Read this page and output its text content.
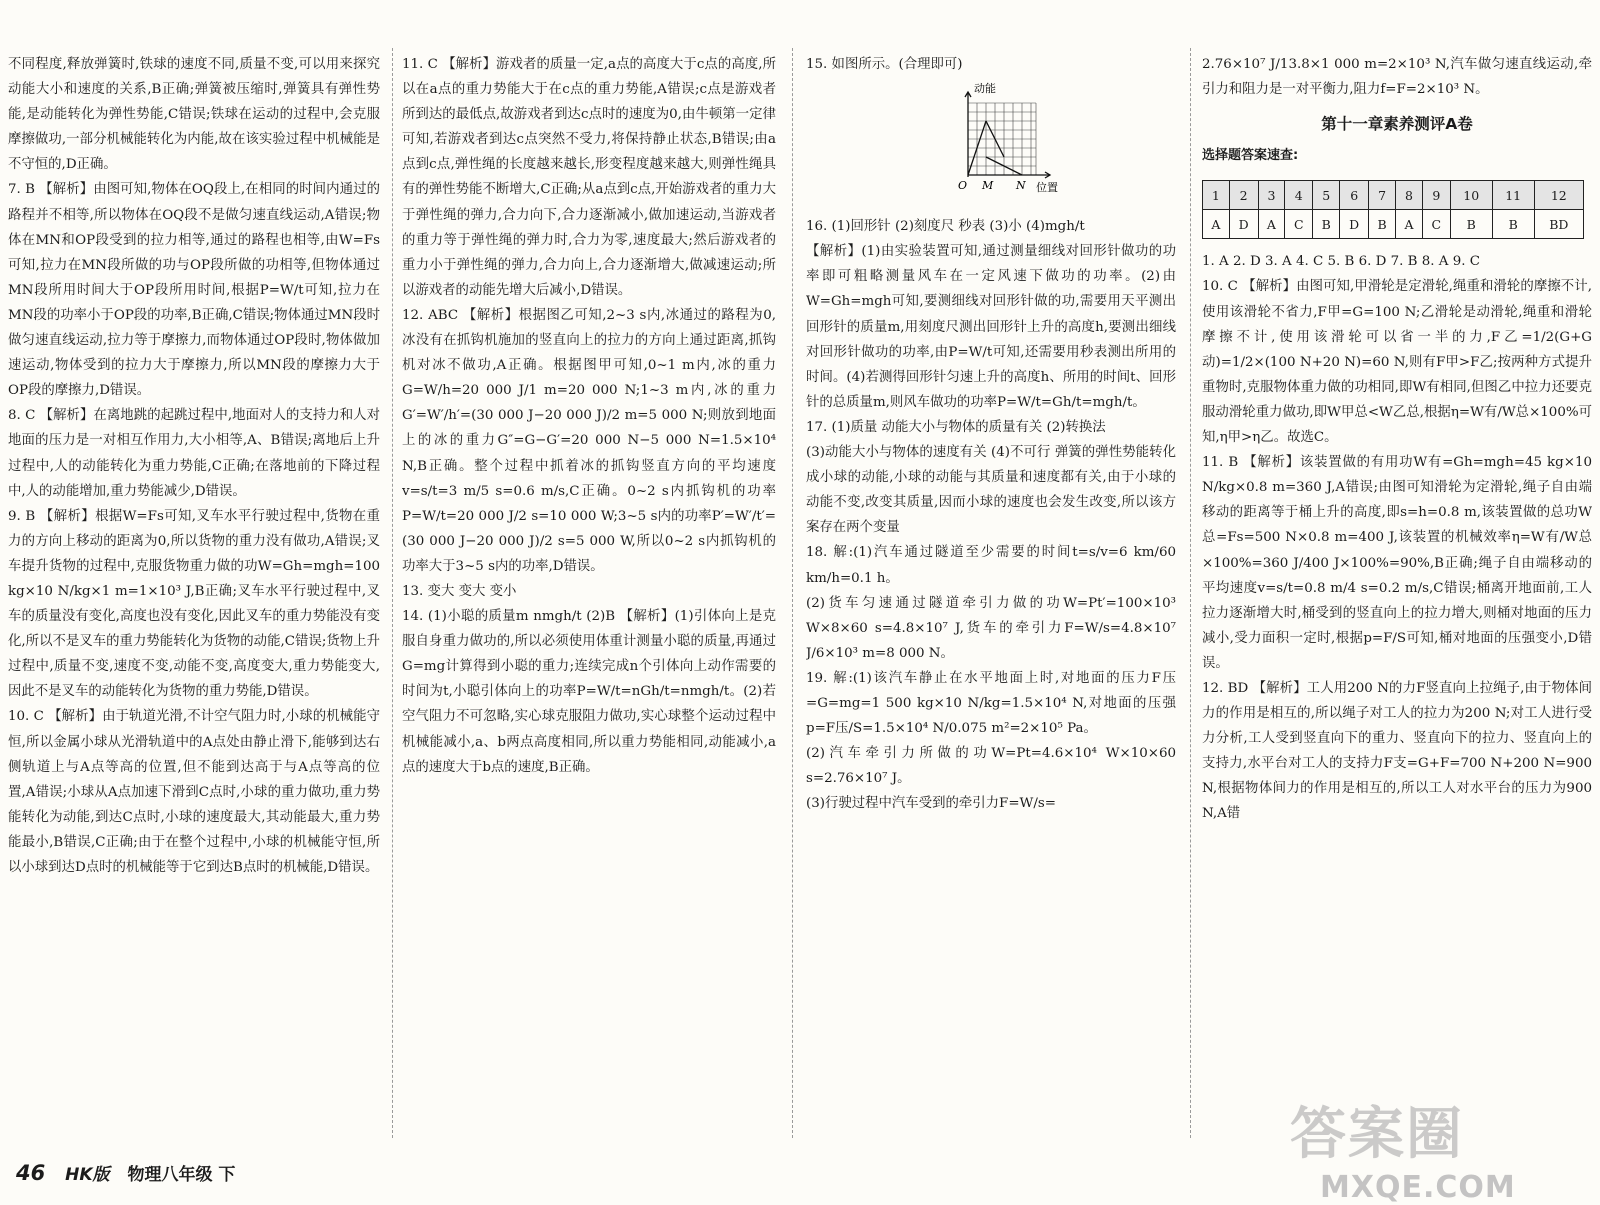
不同程度,释放弹簧时,铁球的速度不同,质量不变,可以用来探究动能大小和速度的关系,B正确;弹簧被压缩时,弹簧具有弹性势能,是动能转化为弹性势能,C错误;铁球在运动的过程中,会克服摩擦做功,一部分机械能转化为内能,故在该实验过程中机械能是不守恒的,D正确。

7. B 【解析】由图可知,物体在OQ段上,在相同的时间内通过的路程并不相等,所以物体在OQ段不是做匀速直线运动,A错误;物体在MN和OP段受到的拉力相等,通过的路程也相等,由W=Fs可知,拉力在MN段所做的功与OP段所做的功相等,但物体通过MN段所用时间大于OP段所用时间,根据P=W/t可知,拉力在MN段的功率小于OP段的功率,B正确,C错误;物体通过MN段时做匀速直线运动,拉力等于摩擦力,而物体通过OP段时,物体做加速运动,物体受到的拉力大于摩擦力,所以MN段的摩擦力大于OP段的摩擦力,D错误。

8. C 【解析】在离地跳的起跳过程中,地面对人的支持力和人对地面的压力是一对相互作用力,大小相等,A、B错误;离地后上升过程中,人的动能转化为重力势能,C正确;在落地前的下降过程中,人的动能增加,重力势能减少,D错误。

9. B 【解析】根据W=Fs可知,叉车水平行驶过程中,货物在重力的方向上移动的距离为0,所以货物的重力没有做功,A错误;叉车提升货物的过程中,克服货物重力做的功W=Gh=mgh=100 kg×10 N/kg×1 m=1×10³ J,B正确;叉车水平行驶过程中,叉车的质量没有变化,高度也没有变化,因此叉车的重力势能没有变化,所以不是叉车的重力势能转化为货物的动能,C错误;货物上升过程中,质量不变,速度不变,动能不变,高度变大,重力势能变大,因此不是叉车的动能转化为货物的重力势能,D错误。

10. C 【解析】由于轨道光滑,不计空气阻力时,小球的机械能守恒,所以金属小球从光滑轨道中的A点处由静止滑下,能够到达右侧轨道上与A点等高的位置,但不能到达高于与A点等高的位置,A错误;小球从A点加速下滑到C点时,小球的重力做功,重力势能转化为动能,到达C点时,小球的速度最大,其动能最大,重力势能最小,B错误,C正确;由于在整个过程中,小球的机械能守恒,所以小球到达D点时的机械能等于它到达B点时的机械能,D错误。

11. C 【解析】游戏者的质量一定,a点的高度大于c点的高度,所以在a点的重力势能大于在c点的重力势能,A错误;c点是游戏者所到达的最低点,故游戏者到达c点时的速度为0,由牛顿第一定律可知,若游戏者到达c点突然不受力,将保持静止状态,B错误;由a点到c点,弹性绳的长度越来越长,形变程度越来越大,则弹性绳具有的弹性势能不断增大,C正确;从a点到c点,开始游戏者的重力大于弹性绳的弹力,合力向下,合力逐渐减小,做加速运动,当游戏者的重力等于弹性绳的弹力时,合力为零,速度最大;然后游戏者的重力小于弹性绳的弹力,合力向上,合力逐渐增大,做减速运动;所以游戏者的动能先增大后减小,D错误。

12. ABC 【解析】根据图乙可知,2~3 s内,冰通过的路程为0,冰没有在抓钩机施加的竖直向上的拉力的方向上通过距离,抓钩机对冰不做功,A正确。根据图甲可知,0~1 m内,冰的重力G=W/h=20 000 J/1 m=20 000 N;1~3 m内,冰的重力G′=W′/h′=(30 000 J−20 000 J)/2 m=5 000 N;则放到地面上的冰的重力G″=G−G′=20 000 N−5 000 N=1.5×10⁴ N,B正确。整个过程中抓着冰的抓钩竖直方向的平均速度v=s/t=3 m/5 s=0.6 m/s,C正确。0~2 s内抓钩机的功率P=W/t=20 000 J/2 s=10 000 W;3~5 s内的功率P′=W′/t′=(30 000 J−20 000 J)/2 s=5 000 W,所以0~2 s内抓钩机的功率大于3~5 s内的功率,D错误。

13. 变大 变大 变小

14. (1)小聪的质量m nmgh/t (2)B 【解析】(1)引体向上是克服自身重力做功的,所以必须使用体重计测量小聪的质量,再通过G=mg计算得到小聪的重力;连续完成n个引体向上动作需要的时间为t,小聪引体向上的功率P=W/t=nGh/t=nmgh/t。(2)若空气阻力不可忽略,实心球克服阻力做功,实心球整个运动过程中机械能减小,a、b两点高度相同,所以重力势能相同,动能减小,a点的速度大于b点的速度,B正确。

15. 如图所示。(合理即可)

动能
位置
O M N

16. (1)回形针 (2)刻度尺 秒表 (3)小 (4)mgh/t

【解析】(1)由实验装置可知,通过测量细线对回形针做功的功率即可粗略测量风车在一定风速下做功的功率。(2)由W=Gh=mgh可知,要测细线对回形针做的功,需要用天平测出回形针的质量m,用刻度尺测出回形针上升的高度h,要测出细线对回形针做功的功率,由P=W/t可知,还需要用秒表测出所用的时间。(4)若测得回形针匀速上升的高度h、所用的时间t、回形针的总质量m,则风车做功的功率P=W/t=Gh/t=mgh/t。

17. (1)质量 动能大小与物体的质量有关 (2)转换法

(3)动能大小与物体的速度有关 (4)不可行 弹簧的弹性势能转化成小球的动能,小球的动能与其质量和速度都有关,由于小球的动能不变,改变其质量,因而小球的速度也会发生改变,所以该方案存在两个变量

18. 解:(1)汽车通过隧道至少需要的时间t=s/v=6 km/60 km/h=0.1 h。

(2)货车匀速通过隧道牵引力做的功W=Pt′=100×10³ W×8×60 s=4.8×10⁷ J,货车的牵引力F=W/s=4.8×10⁷ J/6×10³ m=8 000 N。

19. 解:(1)该汽车静止在水平地面上时,对地面的压力F压=G=mg=1 500 kg×10 N/kg=1.5×10⁴ N,对地面的压强p=F压/S=1.5×10⁴ N/0.075 m²=2×10⁵ Pa。

(2)汽车牵引力所做的功W=Pt=4.6×10⁴ W×10×60 s=2.76×10⁷ J。

(3)行驶过程中汽车受到的牵引力F=W/s=

2.76×10⁷ J/13.8×1 000 m=2×10³ N,汽车做匀速直线运动,牵引力和阻力是一对平衡力,阻力f=F=2×10³ N。

第十一章素养测评A卷
选择题答案速查:
1	2	3	4	5	6	7	8	9	10	11	12
A	D	A	C	B	D	B	A	C	B	B	BD

1. A 2. D 3. A 4. C 5. B 6. D 7. B 8. A 9. C

10. C 【解析】由图可知,甲滑轮是定滑轮,绳重和滑轮的摩擦不计,使用该滑轮不省力,F甲=G=100 N;乙滑轮是动滑轮,绳重和滑轮摩擦不计,使用该滑轮可以省一半的力,F乙=1/2(G+G动)=1/2×(100 N+20 N)=60 N,则有F甲>F乙;按两种方式提升重物时,克服物体重力做的功相同,即W有相同,但图乙中拉力还要克服动滑轮重力做功,即W甲总<W乙总,根据η=W有/W总×100%可知,η甲>η乙。故选C。

11. B 【解析】该装置做的有用功W有=Gh=mgh=45 kg×10 N/kg×0.8 m=360 J,A错误;由图可知滑轮为定滑轮,绳子自由端移动的距离等于桶上升的高度,即s=h=0.8 m,该装置做的总功W总=Fs=500 N×0.8 m=400 J,该装置的机械效率η=W有/W总×100%=360 J/400 J×100%=90%,B正确;绳子自由端移动的平均速度v=s/t=0.8 m/4 s=0.2 m/s,C错误;桶离开地面前,工人拉力逐渐增大时,桶受到的竖直向上的拉力增大,则桶对地面的压力减小,受力面积一定时,根据p=F/S可知,桶对地面的压强变小,D错误。

12. BD 【解析】工人用200 N的力F竖直向上拉绳子,由于物体间力的作用是相互的,所以绳子对工人的拉力为200 N;对工人进行受力分析,工人受到竖直向下的重力、竖直向下的拉力、竖直向上的支持力,水平台对工人的支持力F支=G+F=700 N+200 N=900 N,根据物体间力的作用是相互的,所以工人对水平台的压力为900 N,A错

46 HK版 物理八年级 下
答案圈
MXQE.COM
